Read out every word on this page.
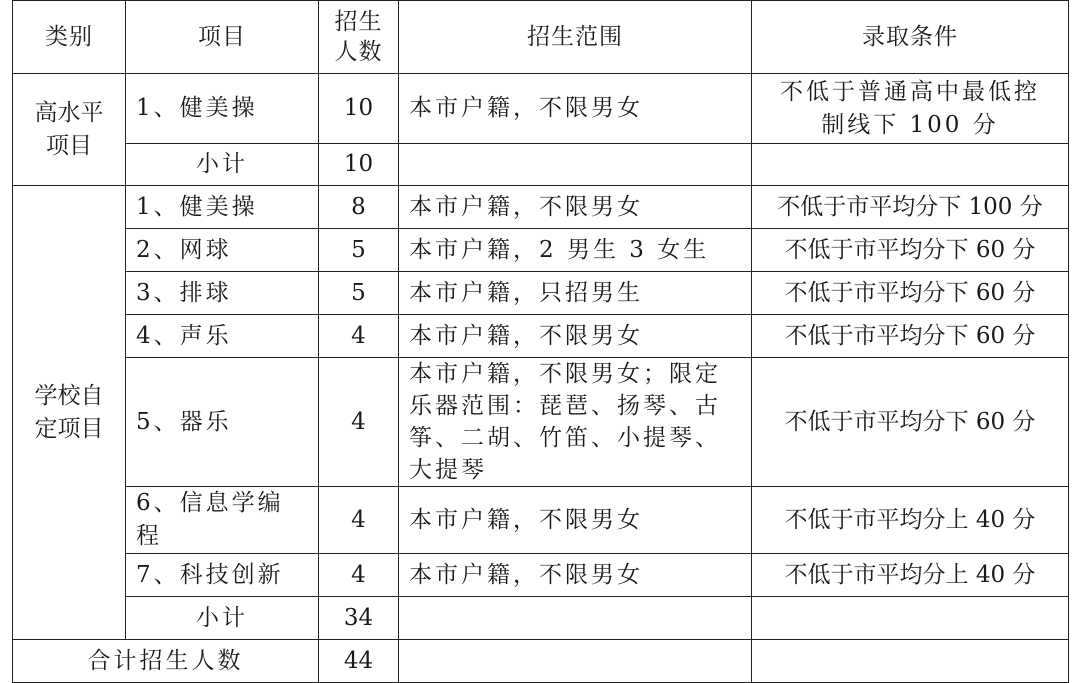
类别	项目	招生人数	招生范围	录取条件
高水平项目	1、健美操	10	本市户籍，不限男女	不低于普通高中最低控制线下 100 分
	小计	10		
学校自定项目	1、健美操	8	本市户籍，不限男女	不低于市平均分下 100 分
	2、网球	5	本市户籍，2 男生 3 女生	不低于市平均分下 60 分
	3、排球	5	本市户籍，只招男生	不低于市平均分下 60 分
	4、声乐	4	本市户籍，不限男女	不低于市平均分下 60 分
	5、器乐	4	本市户籍，不限男女；限定乐器范围：琵琶、扬琴、古筝、二胡、竹笛、小提琴、大提琴	不低于市平均分下 60 分
	6、信息学编程	4	本市户籍，不限男女	不低于市平均分上 40 分
	7、科技创新	4	本市户籍，不限男女	不低于市平均分上 40 分
	小计	34		
合计招生人数		44		
